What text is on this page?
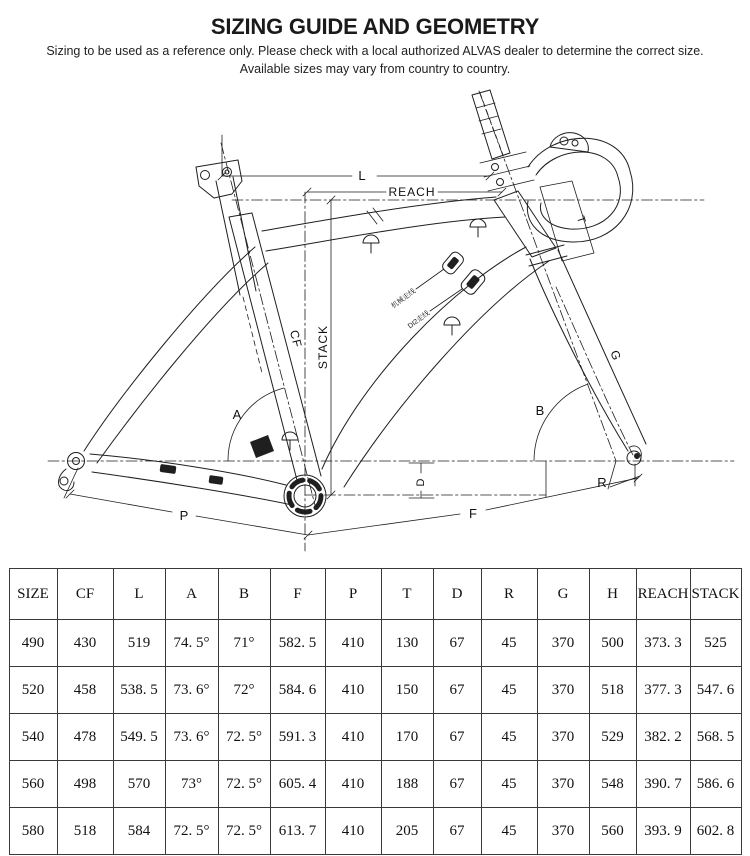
SIZING GUIDE AND GEOMETRY

Sizing to be used as a reference only. Please check with a local authorized ALVAS dealer to determine the correct size.

Available sizes may vary from country to country.

L
REACH
STACK
CF
A	B
P	F
D	R
G
T
机械走线
DI2走线
SIZE	CF	L	A	B	F	P	T	D	R	G	H	REACH	STACK
490	430	519	74. 5°	71°	582. 5	410	130	67	45	370	500	373. 3	525
520	458	538. 5	73. 6°	72°	584. 6	410	150	67	45	370	518	377. 3	547. 6
540	478	549. 5	73. 6°	72. 5°	591. 3	410	170	67	45	370	529	382. 2	568. 5
560	498	570	73°	72. 5°	605. 4	410	188	67	45	370	548	390. 7	586. 6
580	518	584	72. 5°	72. 5°	613. 7	410	205	67	45	370	560	393. 9	602. 8
